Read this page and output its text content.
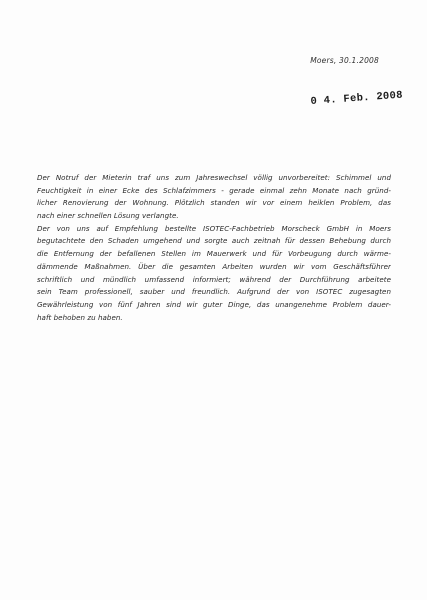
Moers, 30.1.2008
0 4. Feb. 2008
Der Notruf der Mieterin traf uns zum Jahreswechsel völlig unvorbereitet: Schimmel und
Feuchtigkeit in einer Ecke des Schlafzimmers - gerade einmal zehn Monate nach gründ-
licher Renovierung der Wohnung. Plötzlich standen wir vor einem heiklen Problem, das
nach einer schnellen Lösung verlangte.
Der von uns auf Empfehlung bestellte ISOTEC-Fachbetrieb Morscheck GmbH in Moers
begutachtete den Schaden umgehend und sorgte auch zeitnah für dessen Behebung durch
die Entfernung der befallenen Stellen im Mauerwerk und für Vorbeugung durch wärme-
dämmende Maßnahmen. Über die gesamten Arbeiten wurden wir vom Geschäftsführer
schriftlich und mündlich umfassend informiert; während der Durchführung arbeitete
sein Team professionell, sauber und freundlich. Aufgrund der von ISOTEC zugesagten
Gewährleistung von fünf Jahren sind wir guter Dinge, das unangenehme Problem dauer-
haft behoben zu haben.
